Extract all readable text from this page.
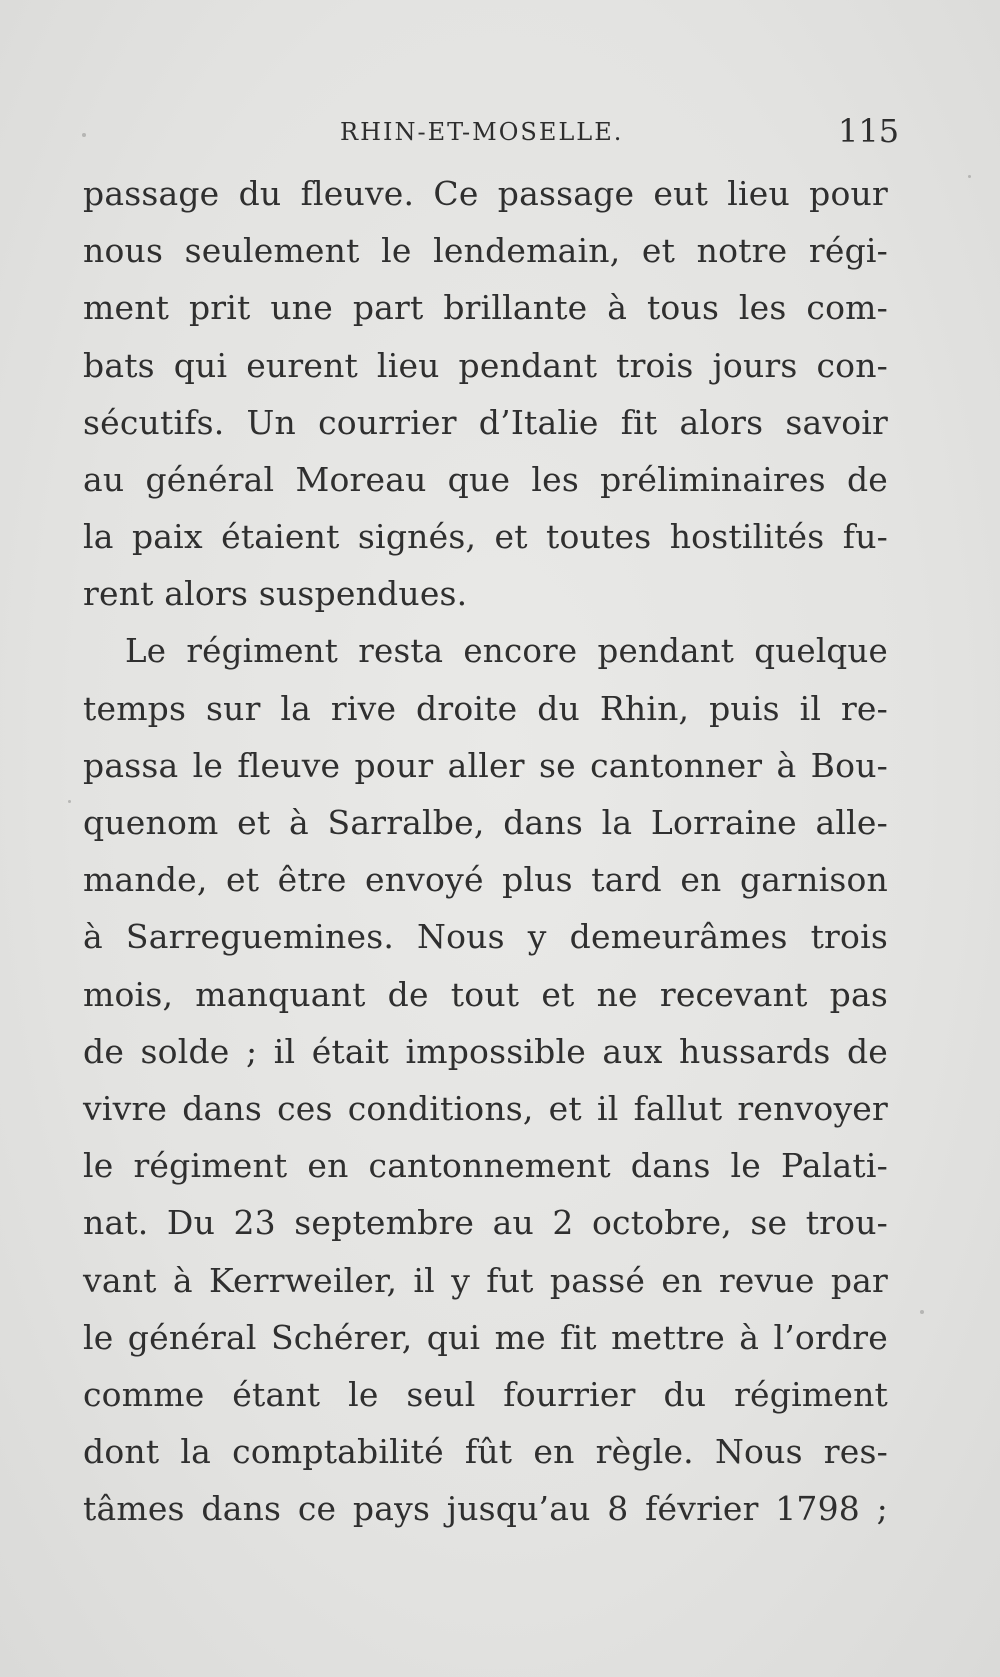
RHIN-ET-MOSELLE.	115
passage du fleuve. Ce passage eut lieu pour
nous seulement le lendemain, et notre régi-
ment prit une part brillante à tous les com-
bats qui eurent lieu pendant trois jours con-
sécutifs. Un courrier d’Italie fit alors savoir
au général Moreau que les préliminaires de
la paix étaient signés, et toutes hostilités fu-
rent alors suspendues.
Le régiment resta encore pendant quelque
temps sur la rive droite du Rhin, puis il re-
passa le fleuve pour aller se cantonner à Bou-
quenom et à Sarralbe, dans la Lorraine alle-
mande, et être envoyé plus tard en garnison
à Sarreguemines. Nous y demeurâmes trois
mois, manquant de tout et ne recevant pas
de solde ; il était impossible aux hussards de
vivre dans ces conditions, et il fallut renvoyer
le régiment en cantonnement dans le Palati-
nat. Du 23 septembre au 2 octobre, se trou-
vant à Kerrweiler, il y fut passé en revue par
le général Schérer, qui me fit mettre à l’ordre
comme étant le seul fourrier du régiment
dont la comptabilité fût en règle. Nous res-
tâmes dans ce pays jusqu’au 8 février 1798 ;
